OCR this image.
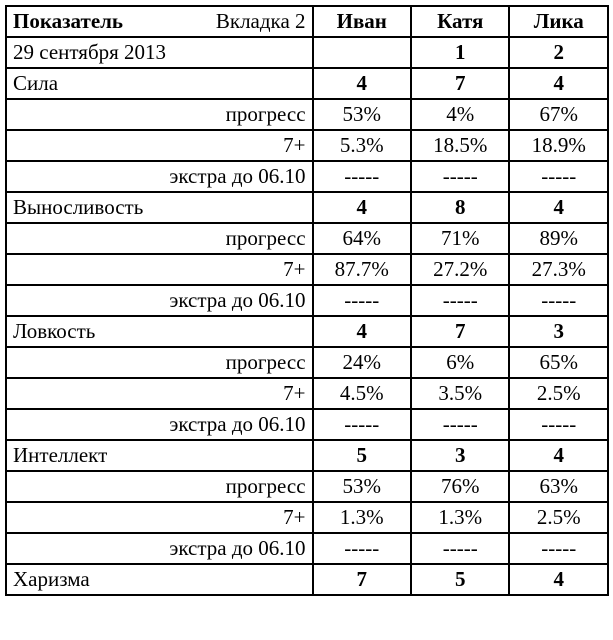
Показатель Вкладка 2	Иван	Катя	Лика
29 сентября 2013		1	2
Сила	4	7	4
прогресс	53%	4%	67%
7+	5.3%	18.5%	18.9%
экстра до 06.10	-----	-----	-----
Выносливость	4	8	4
прогресс	64%	71%	89%
7+	87.7%	27.2%	27.3%
экстра до 06.10	-----	-----	-----
Ловкость	4	7	3
прогресс	24%	6%	65%
7+	4.5%	3.5%	2.5%
экстра до 06.10	-----	-----	-----
Интеллект	5	3	4
прогресс	53%	76%	63%
7+	1.3%	1.3%	2.5%
экстра до 06.10	-----	-----	-----
Харизма	7	5	4
